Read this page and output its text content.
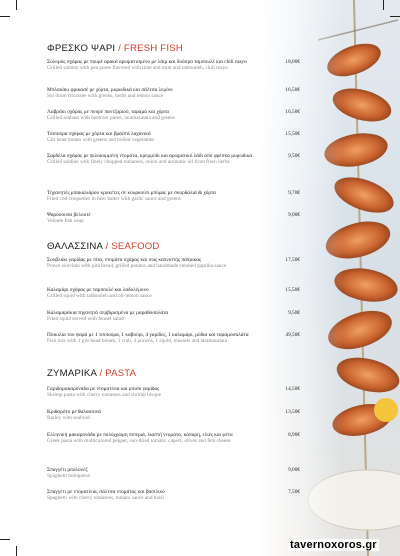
ΦΡΕΣΚΟ ΨΑΡΙ / FRESH FISH
Σολομός σχάρας με πουρέ αρακά αρωματισμένο με λάιμ και δυόσμο ταμπουλέ και chili mayo
Grilled salmon with pea puree flavored with lime and mint and tabbouleh, chili mayo
18,00€
Μπλακάκι φρικασέ με χόρτα, μυρωδικά και σάλτσα λεμόνι
Shi drum fricassee with greens, herbs and lemon sauce
16,50€
Λαβράκι σχάρας με πουρέ παντζαριού, ταραμά και χόρτα
Grilled seabass with beetroot puree, taramasalata and greens
16,50€
Τσιπούρα σχάρας με χόρτα και βραστά λαχανικά
Gilt head bream with greens and boiled vegetables
15,50€
Σαρδέλα σχάρας με ψιλοκομμένη ντομάτα, κρεμμύδι και αρωματικό λάδι από φρέσκα μυρωδικά
Grilled sardine with finely chopped tomatoes, onion and aromatic oil from fresh herbs
9,50€
Τηγανητές μπακαλιάρου κροκέτες σε κουρκούτι μπύρας με σκορδαλιά & χόρτα
Fried cod croquettes in beer batter with garlic sauce and greens
9,70€
Ψαρόσουπα βελουτέ
Veloute fish soup
9,00€
ΘΑΛΑΣΣΙΝΑ / SEAFOOD
Σουβλάκι γαρίδας με πίτα, ντομάτα σχάρας και σως καπνιστής πάπρικας
Prawn souvlaki with pita bread, grilled potatos and handmade smoked paprika sauce
17,50€
Καλαμάρι σχάρας με ταμπουλέ και λαδολέμονο
Grilled squid with tabbouleh and oil-lemon sauce
15,50€
Καλαμαράκια τηγανητά σερβιρισμένα με μαραθοσαλάτα
Fried squid served with fennel salad
9,50€
Ποικιλία του ψαρά με 1 τσιπούρα, 1 καβούρι, 4 γαρίδες, 1 καλαμάρι, μύδια και ταραμοσαλάτα
Fish mix with 1 gilt-head bream, 1 crab, 4 prawns, 1 squid, mussels and taramasalata
49,50€
ΖΥΜΑΡΙΚΑ / PASTA
Γαριδομακαρονάδα με ντοματίνια και μπισκ γαρίδας
Shrimp pasta with cherry tomatoes and shrimp bisque
14,50€
Κριθαρότο με θαλασσινά
Barley with seafood
13,50€
Ελληνική μακαρονάδα με πολύχρωμη πιπεριά, λιαστή ντομάτα, κάπαρη, ελιές και φέτα
Greek pasta with multicolored pepper, sun-dried tomato, capers, olives and feta cheese
8,90€
Σπαγγέτι μπολονέζ
Spaghetti bolognese
9,00€
Σπαγγέτι με ντοματίνια, σάλτσα ντομάτας και βασιλικό
Spaghetti with cherry tomatoes, tomato sauce and basil
7,50€
tavernoxoros.gr
